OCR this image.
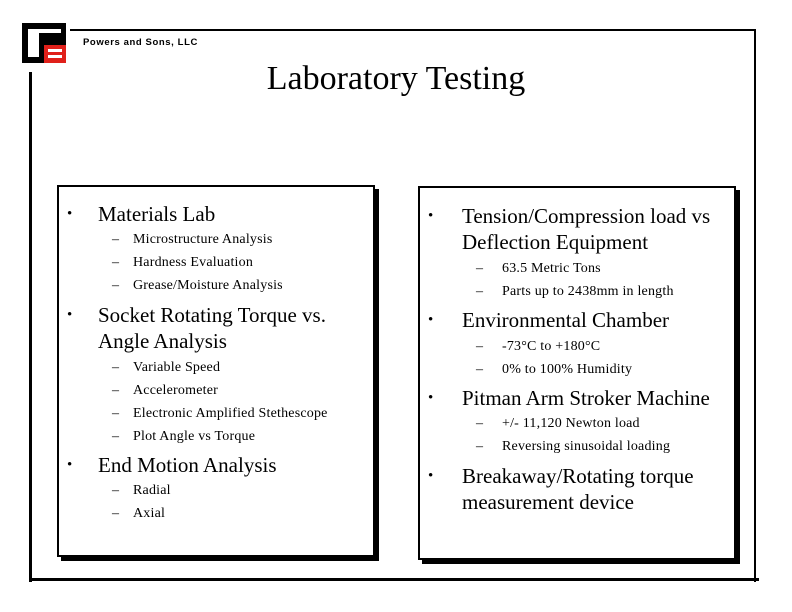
Powers and Sons, LLC
Laboratory Testing
• Materials Lab
– Microstructure Analysis
– Hardness Evaluation
– Grease/Moisture Analysis
• Socket Rotating Torque vs.
Angle Analysis
– Variable Speed
– Accelerometer
– Electronic Amplified Stethescope
– Plot Angle vs Torque
• End Motion Analysis
– Radial
– Axial
• Tension/Compression load vs
Deflection Equipment
– 63.5 Metric Tons
– Parts up to 2438mm in length
• Environmental Chamber
– -73°C to +180°C
– 0% to 100% Humidity
• Pitman Arm Stroker Machine
– +/- 11,120 Newton load
– Reversing sinusoidal loading
• Breakaway/Rotating torque
measurement device
